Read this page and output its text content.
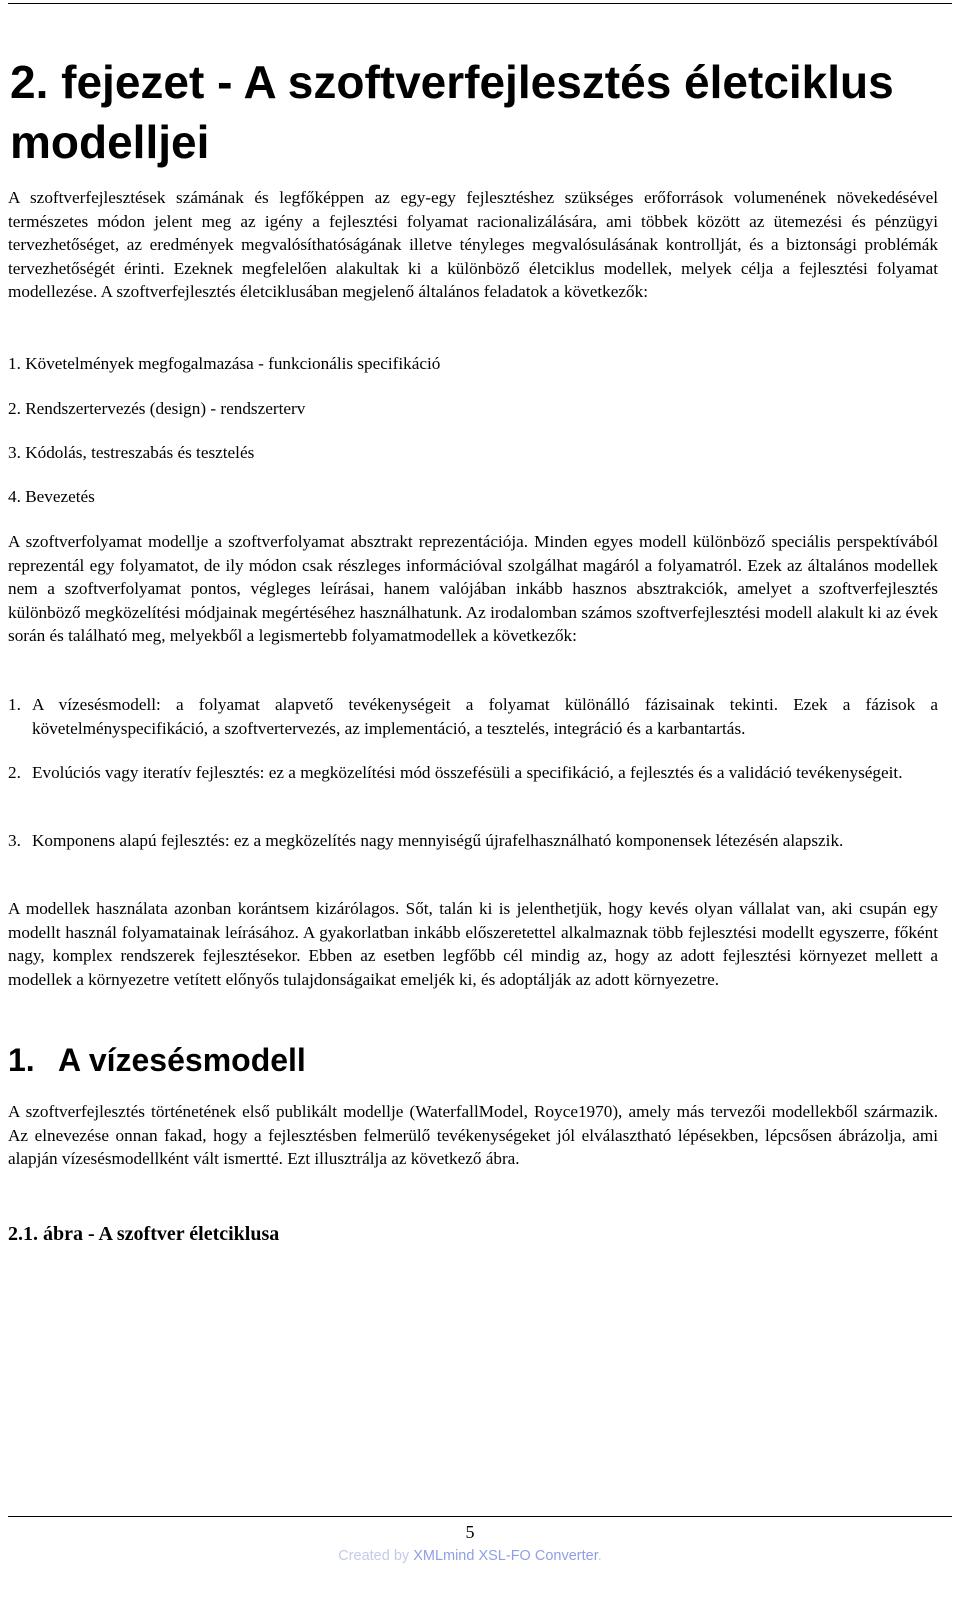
2. fejezet - A szoftverfejlesztés életciklus modelljei

A szoftverfejlesztések számának és legfőképpen az egy-egy fejlesztéshez szükséges erőforrások volumenének növekedésével természetes módon jelent meg az igény a fejlesztési folyamat racionalizálására, ami többek között az ütemezési és pénzügyi tervezhetőséget, az eredmények megvalósíthatóságának illetve tényleges megvalósulásának kontrollját, és a biztonsági problémák tervezhetőségét érinti. Ezeknek megfelelően alakultak ki a különböző életciklus modellek, melyek célja a fejlesztési folyamat modellezése. A szoftverfejlesztés életciklusában megjelenő általános feladatok a következők:

1. Követelmények megfogalmazása - funkcionális specifikáció

2. Rendszertervezés (design) - rendszerterv

3. Kódolás, testreszabás és tesztelés

4. Bevezetés

A szoftverfolyamat modellje a szoftverfolyamat absztrakt reprezentációja. Minden egyes modell különböző speciális perspektívából reprezentál egy folyamatot, de ily módon csak részleges információval szolgálhat magáról a folyamatról. Ezek az általános modellek nem a szoftverfolyamat pontos, végleges leírásai, hanem valójában inkább hasznos absztrakciók, amelyet a szoftverfejlesztés különböző megközelítési módjainak megértéséhez használhatunk. Az irodalomban számos szoftverfejlesztési modell alakult ki az évek során és található meg, melyekből a legismertebb folyamatmodellek a következők:

1. A vízesésmodell: a folyamat alapvető tevékenységeit a folyamat különálló fázisainak tekinti. Ezek a fázisok a követelményspecifikáció, a szoftvertervezés, az implementáció, a tesztelés, integráció és a karbantartás.

2. Evolúciós vagy iteratív fejlesztés: ez a megközelítési mód összefésüli a specifikáció, a fejlesztés és a validáció tevékenységeit.

3. Komponens alapú fejlesztés: ez a megközelítés nagy mennyiségű újrafelhasználható komponensek létezésén alapszik.

A modellek használata azonban korántsem kizárólagos. Sőt, talán ki is jelenthetjük, hogy kevés olyan vállalat van, aki csupán egy modellt használ folyamatainak leírásához. A gyakorlatban inkább előszeretettel alkalmaznak több fejlesztési modellt egyszerre, főként nagy, komplex rendszerek fejlesztésekor. Ebben az esetben legfőbb cél mindig az, hogy az adott fejlesztési környezet mellett a modellek a környezetre vetített előnyős tulajdonságaikat emeljék ki, és adoptálják az adott környezetre.

1. A vízesésmodell

A szoftverfejlesztés történetének első publikált modellje (WaterfallModel, Royce1970), amely más tervezői modellekből származik. Az elnevezése onnan fakad, hogy a fejlesztésben felmerülő tevékenységeket jól elválasztható lépésekben, lépcsősen ábrázolja, ami alapján vízesésmodellként vált ismertté. Ezt illusztrálja az következő ábra.

2.1. ábra - A szoftver életciklusa

5
Created by XMLmind XSL-FO Converter.
